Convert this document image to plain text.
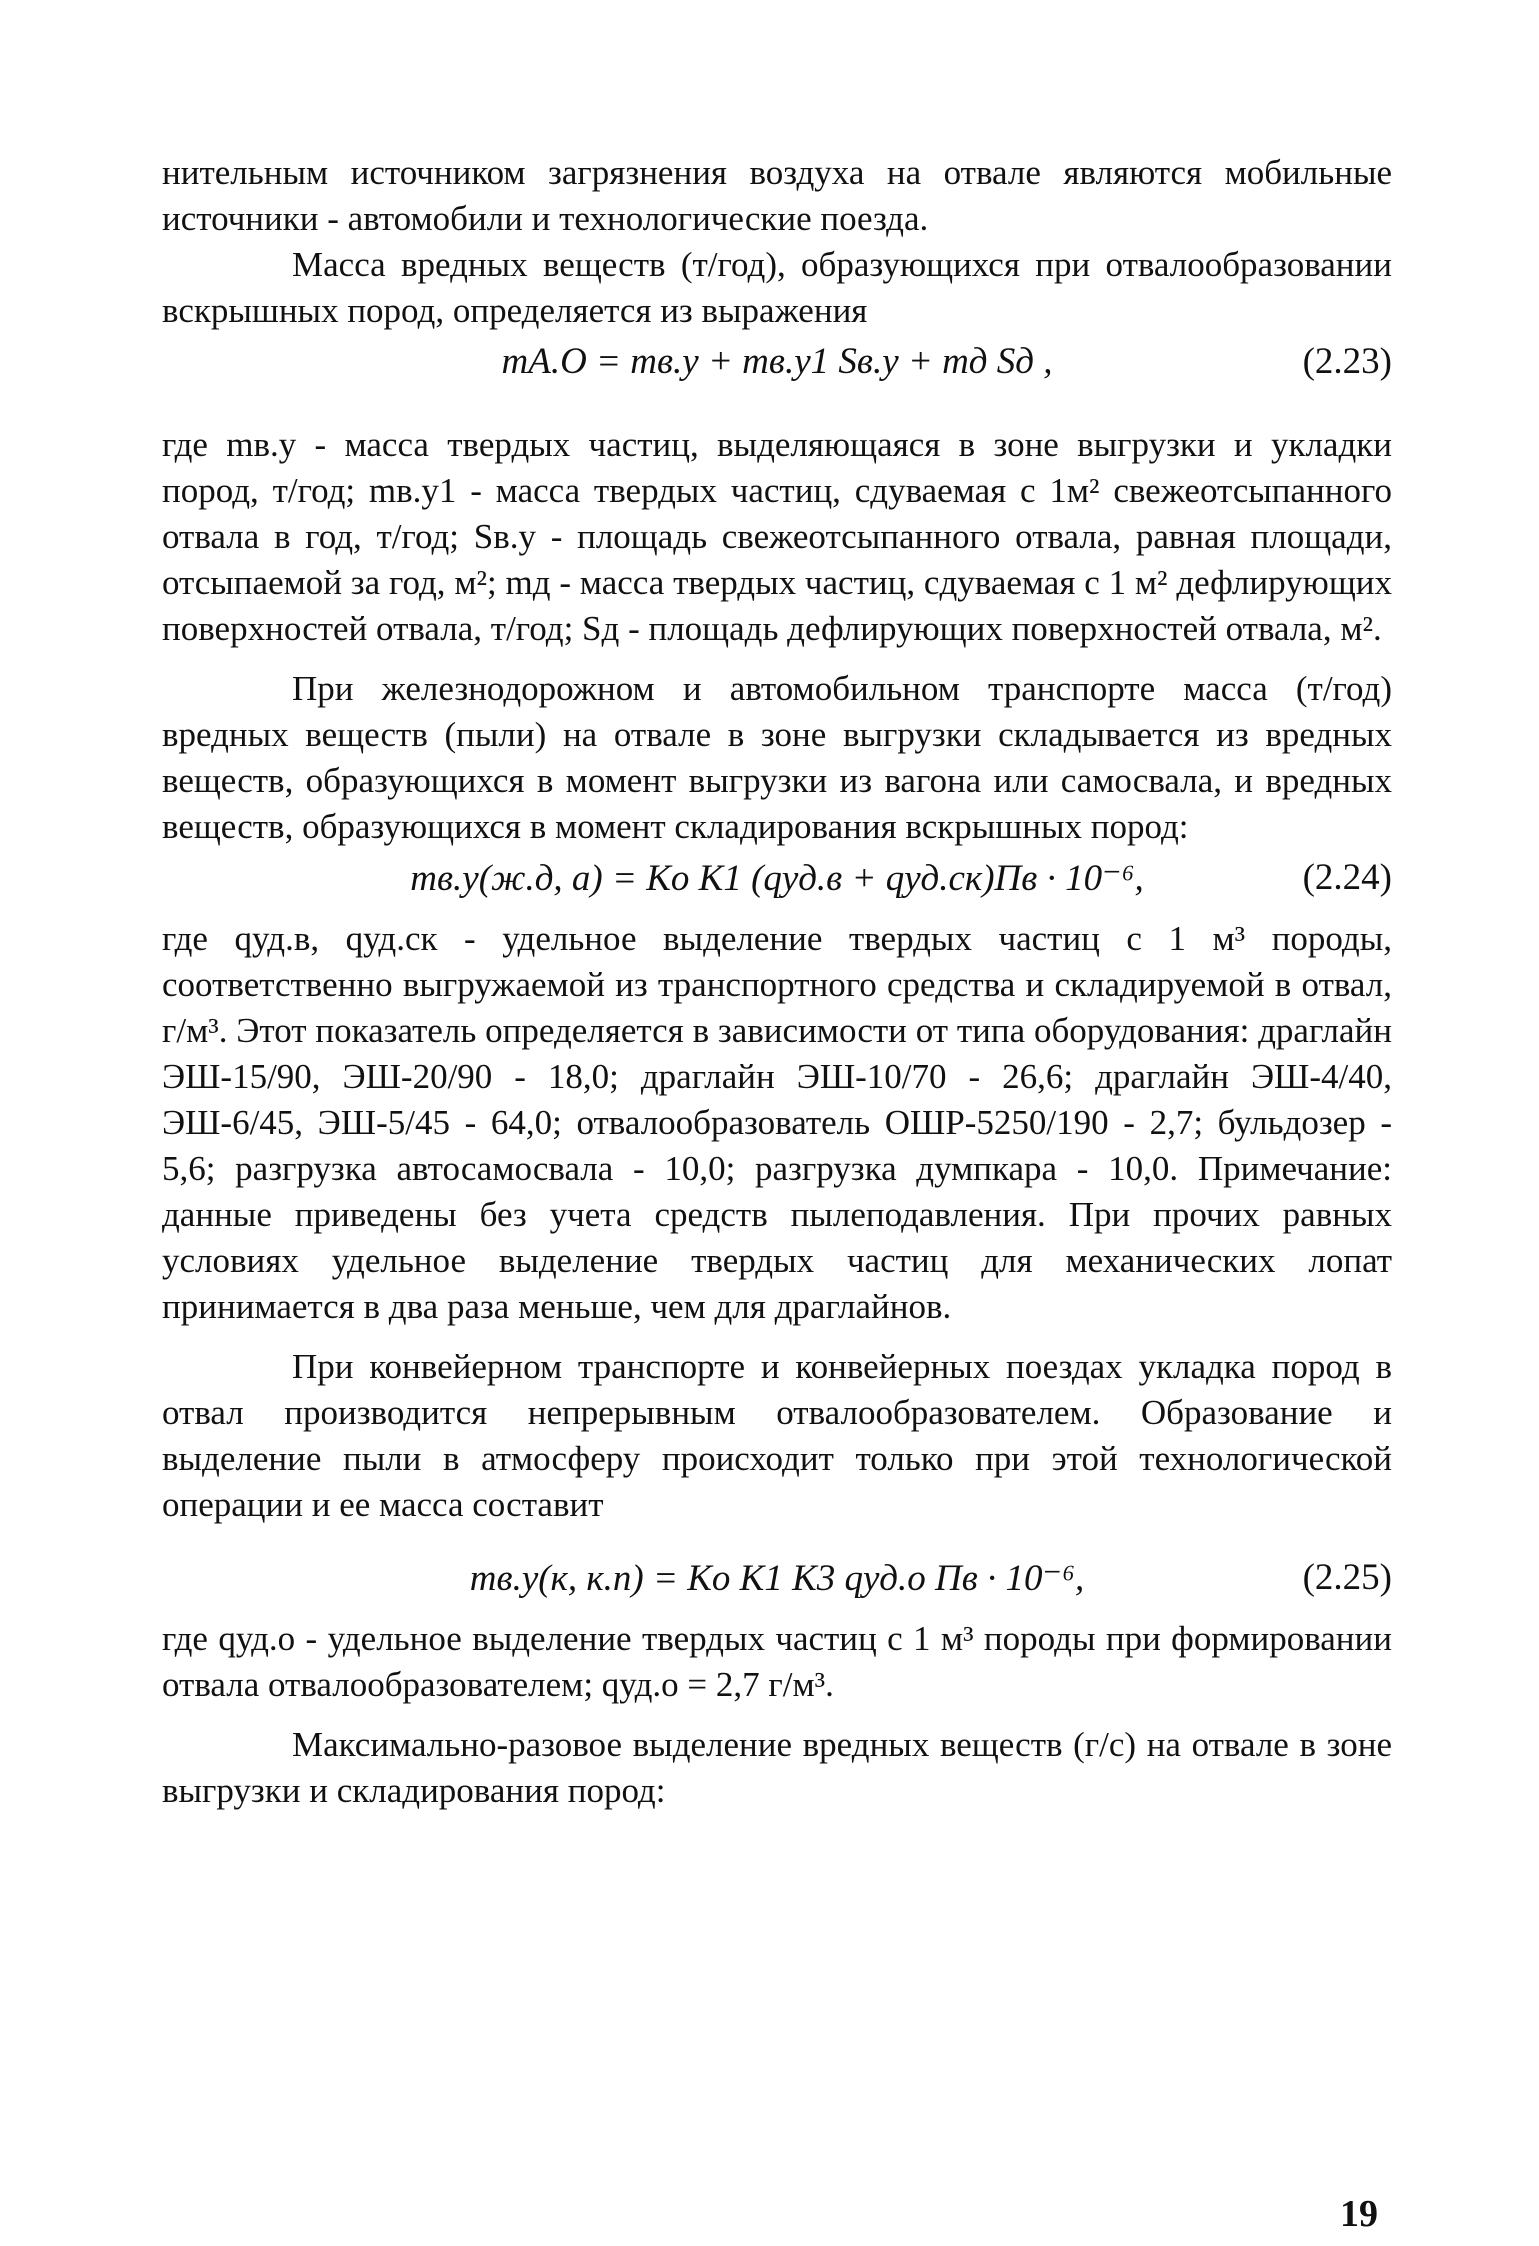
нительным источником загрязнения воздуха на отвале являются мобильные источники - автомобили и технологические поезда.

Масса вредных веществ (т/год), образующихся при отвалообразовании вскрышных пород, определяется из выражения

mА.О = mв.у + mв.у1 Sв.у + mд Sд ,	(2.23)

где mв.у - масса твердых частиц, выделяющаяся в зоне выгрузки и укладки пород, т/год; mв.у1 - масса твердых частиц, сдуваемая с 1м² свежеотсыпанного отвала в год, т/год; Sв.у - площадь свежеотсыпанного отвала, равная площади, отсыпаемой за год, м²; mд - масса твердых частиц, сдуваемая с 1 м² дефлирующих поверхностей отвала, т/год; Sд - площадь дефлирующих поверхностей отвала, м².

При железнодорожном и автомобильном транспорте масса (т/год) вредных веществ (пыли) на отвале в зоне выгрузки складывается из вредных веществ, образующихся в момент выгрузки из вагона или самосвала, и вредных веществ, образующихся в момент складирования вскрышных пород:

mв.у(ж.д, а) = Kо K1 (qуд.в + qуд.ск)Пв · 10⁻⁶,	(2.24)

где qуд.в, qуд.ск - удельное выделение твердых частиц с 1 м³ породы, соответственно выгружаемой из транспортного средства и складируемой в отвал, г/м³. Этот показатель определяется в зависимости от типа оборудования: драглайн ЭШ-15/90, ЭШ-20/90 - 18,0; драглайн ЭШ-10/70 - 26,6; драглайн ЭШ-4/40, ЭШ-6/45, ЭШ-5/45 - 64,0; отвалообразователь ОШР-5250/190 - 2,7; бульдозер - 5,6; разгрузка автосамосвала - 10,0; разгрузка думпкара - 10,0. Примечание: данные приведены без учета средств пылеподавления. При прочих равных условиях удельное выделение твердых частиц для механических лопат принимается в два раза меньше, чем для драглайнов.

При конвейерном транспорте и конвейерных поездах укладка пород в отвал производится непрерывным отвалообразователем. Образование и выделение пыли в атмосферу происходит только при этой технологической операции и ее масса составит

mв.у(к, к.п) = Kо K1 K3 qуд.о Пв · 10⁻⁶,	(2.25)

где qуд.о - удельное выделение твердых частиц с 1 м³ породы при формировании отвала отвалообразователем; qуд.о = 2,7 г/м³.

Максимально-разовое выделение вредных веществ (г/с) на отвале в зоне выгрузки и складирования пород:

19
